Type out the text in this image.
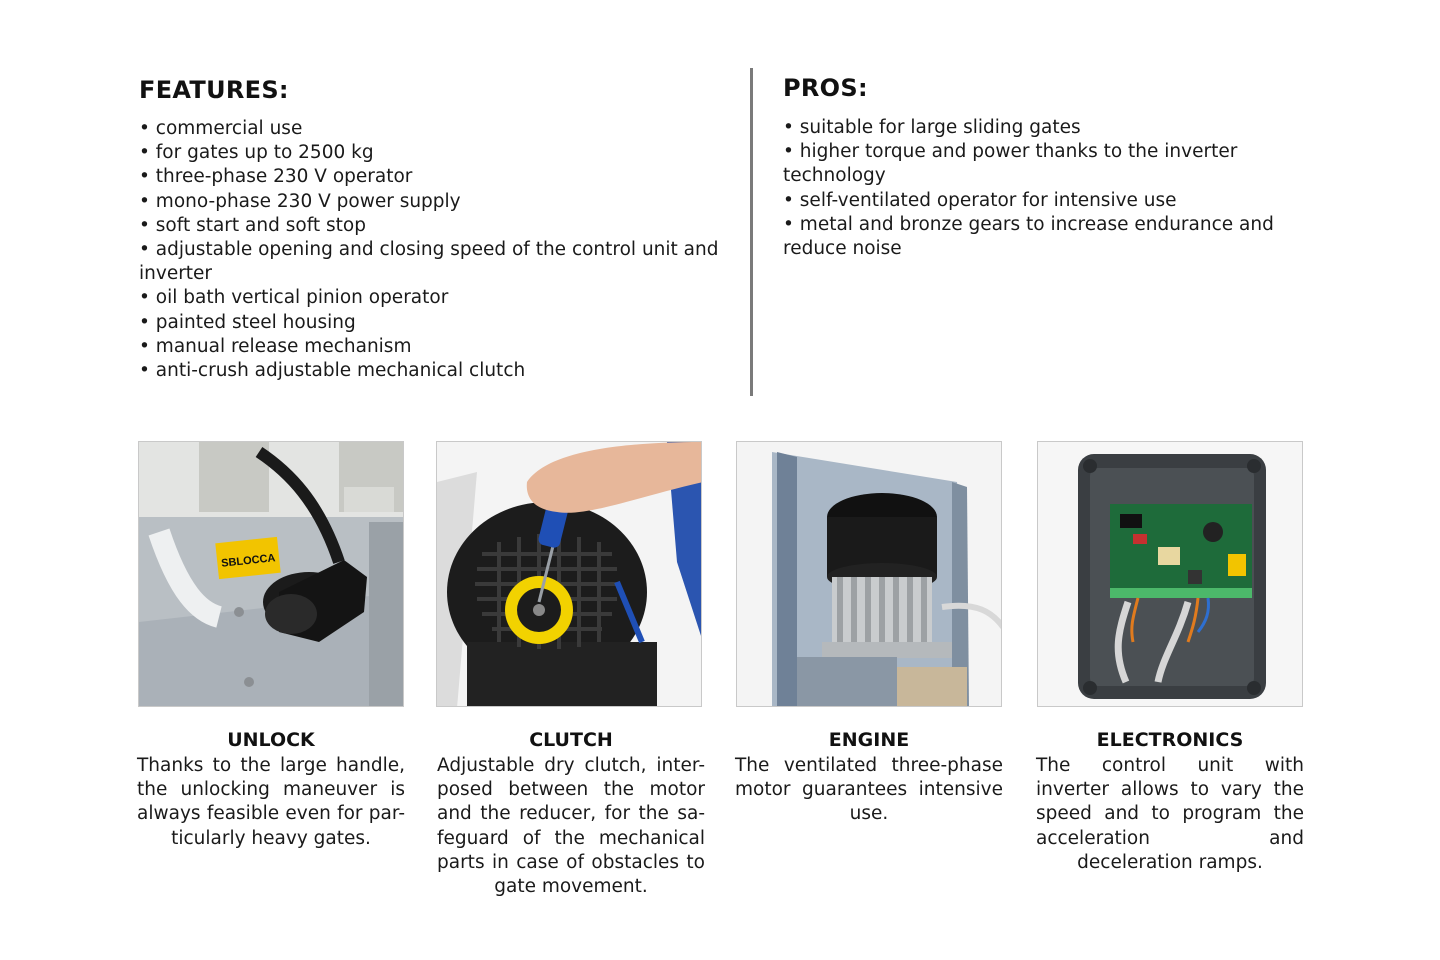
FEATURES:
• commercial use
• for gates up to 2500 kg
• three-phase 230 V operator
• mono-phase 230 V power supply
• soft start and soft stop
• adjustable opening and closing speed of the control unit and inverter
• oil bath vertical pinion operator
• painted steel housing
• manual release mechanism
• anti-crush adjustable mechanical clutch
PROS:
• suitable for large sliding gates
• higher torque and power thanks to the inverter technology
• self-ventilated operator for intensive use
• metal and bronze gears to increase endurance and reduce noise
SBLOCCA
UNLOCK
Thanks to the large handle, the unlocking maneuver is always feasible even for par-ticularly heavy gates.
CLUTCH
Adjustable dry clutch, inter-posed between the motor and the reducer, for the sa-feguard of the mechanical parts in case of obstacles to gate movement.
ENGINE
The ventilated three-phase motor guarantees intensive use.
ELECTRONICS
The control unit with inverter allows to vary the speed and to program the acceleration and deceleration ramps.
